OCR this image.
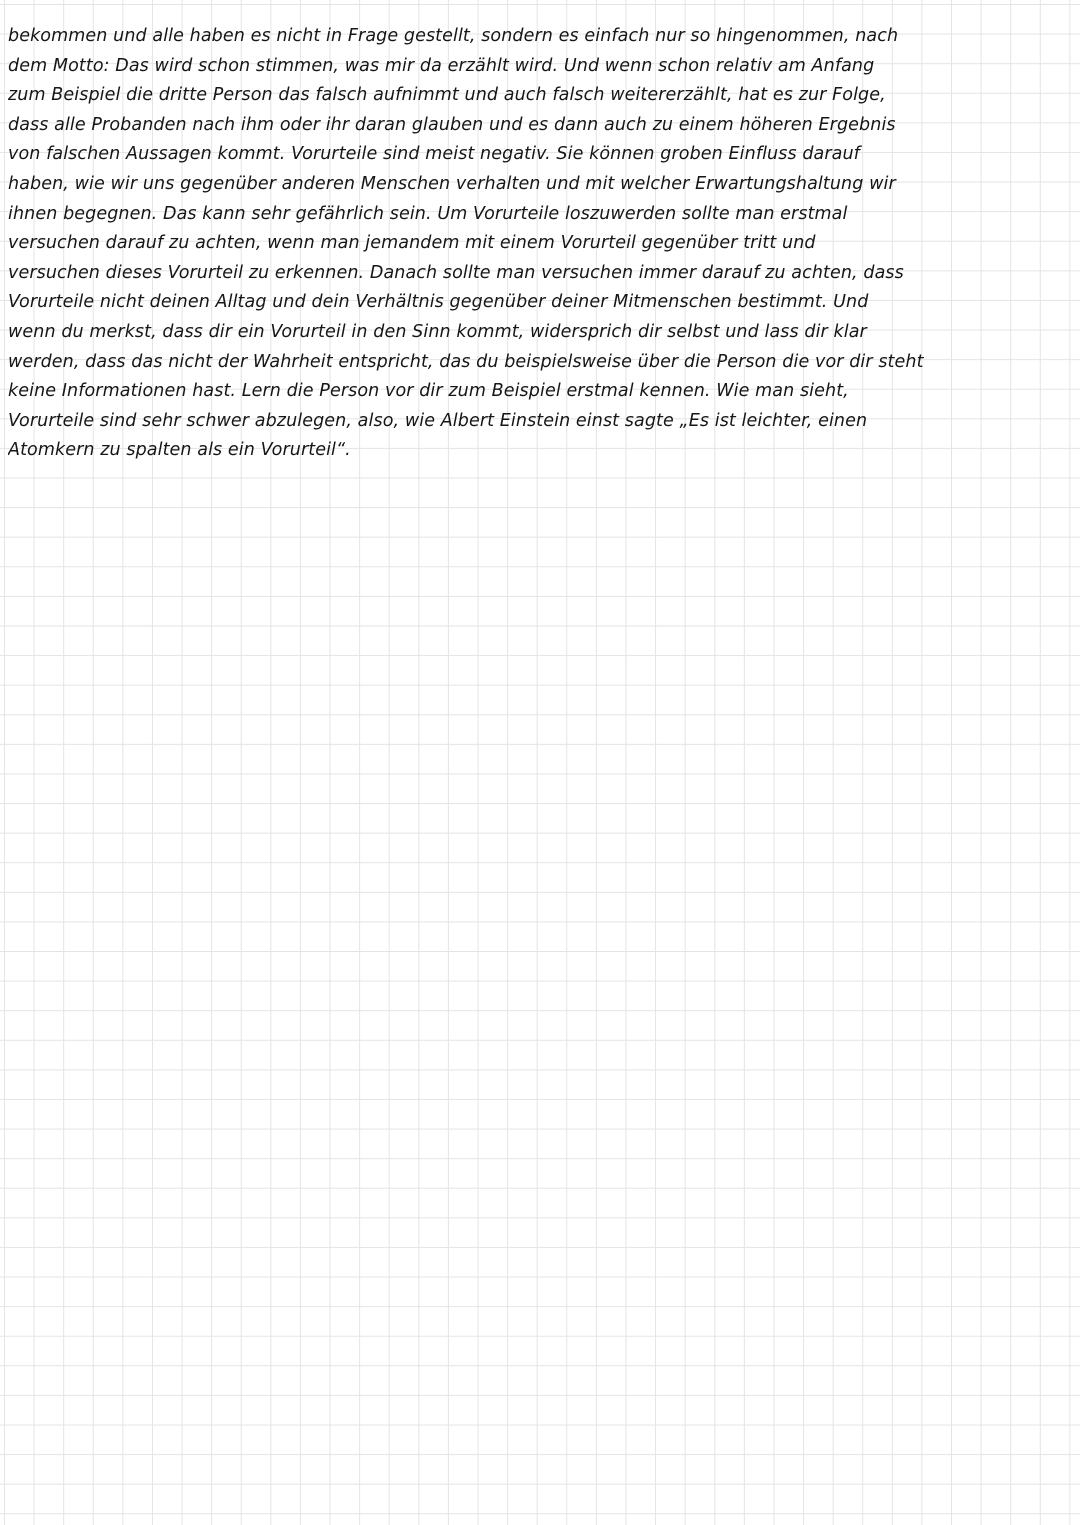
bekommen und alle haben es nicht in Frage gestellt, sondern es einfach nur so hingenommen, nach
dem Motto: Das wird schon stimmen, was mir da erzählt wird. Und wenn schon relativ am Anfang
zum Beispiel die dritte Person das falsch aufnimmt und auch falsch weitererzählt, hat es zur Folge,
dass alle Probanden nach ihm oder ihr daran glauben und es dann auch zu einem höheren Ergebnis
von falschen Aussagen kommt. Vorurteile sind meist negativ. Sie können groben Einfluss darauf
haben, wie wir uns gegenüber anderen Menschen verhalten und mit welcher Erwartungshaltung wir
ihnen begegnen. Das kann sehr gefährlich sein. Um Vorurteile loszuwerden sollte man erstmal
versuchen darauf zu achten, wenn man jemandem mit einem Vorurteil gegenüber tritt und
versuchen dieses Vorurteil zu erkennen. Danach sollte man versuchen immer darauf zu achten, dass
Vorurteile nicht deinen Alltag und dein Verhältnis gegenüber deiner Mitmenschen bestimmt. Und
wenn du merkst, dass dir ein Vorurteil in den Sinn kommt, widersprich dir selbst und lass dir klar
werden, dass das nicht der Wahrheit entspricht, das du beispielsweise über die Person die vor dir steht
keine Informationen hast. Lern die Person vor dir zum Beispiel erstmal kennen. Wie man sieht,
Vorurteile sind sehr schwer abzulegen, also, wie Albert Einstein einst sagte „Es ist leichter, einen
Atomkern zu spalten als ein Vorurteil“.
